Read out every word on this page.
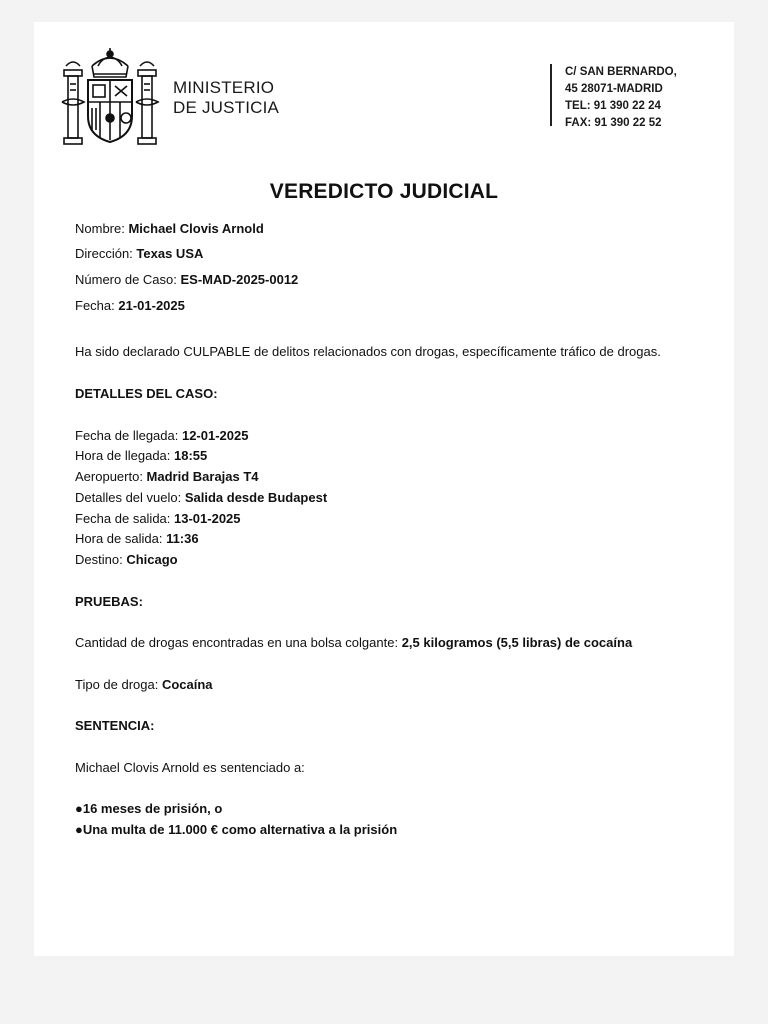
MINISTERIO
DE JUSTICIA
C/ SAN BERNARDO,
45 28071-MADRID
TEL: 91 390 22 24
FAX: 91 390 22 52
VEREDICTO JUDICIAL
Nombre: Michael Clovis Arnold
Dirección: Texas USA
Número de Caso: ES-MAD-2025-0012
Fecha: 21-01-2025
Ha sido declarado CULPABLE de delitos relacionados con drogas, específicamente tráfico de drogas.
DETALLES DEL CASO:
Fecha de llegada: 12-01-2025
Hora de llegada: 18:55
Aeropuerto: Madrid Barajas T4
Detalles del vuelo: Salida desde Budapest
Fecha de salida: 13-01-2025
Hora de salida: 11:36
Destino: Chicago
PRUEBAS:
Cantidad de drogas encontradas en una bolsa colgante: 2,5 kilogramos (5,5 libras) de cocaína
Tipo de droga: Cocaína
SENTENCIA:
Michael Clovis Arnold es sentenciado a:
●16 meses de prisión, o
●Una multa de 11.000 € como alternativa a la prisión
